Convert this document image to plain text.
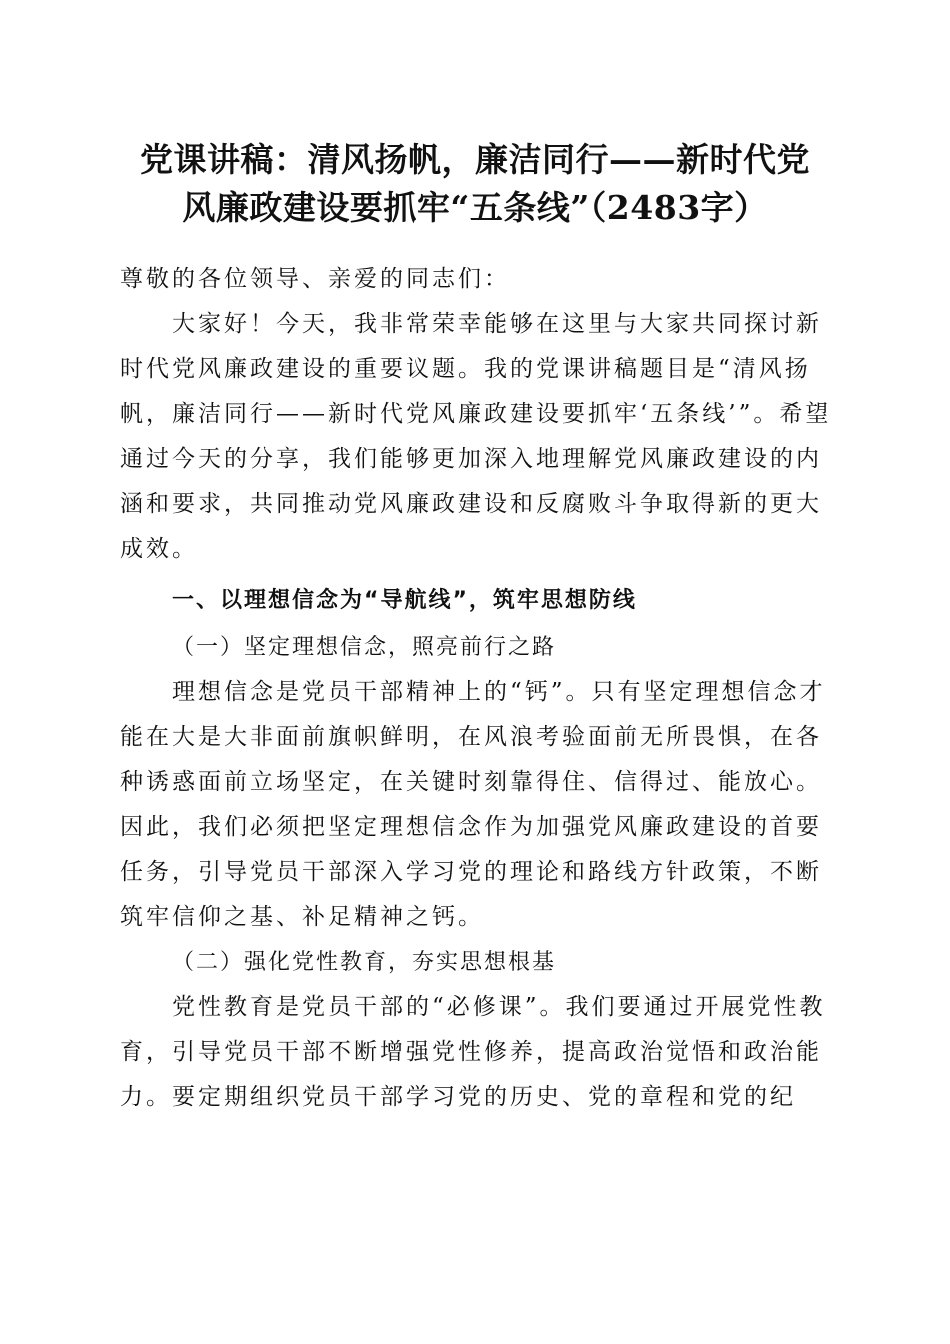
党课讲稿：清风扬帆，廉洁同行——新时代党
风廉政建设要抓牢“五条线”（2483字）

尊敬的各位领导、亲爱的同志们：

大家好！今天，我非常荣幸能够在这里与大家共同探讨新时代党风廉政建设的重要议题。我的党课讲稿题目是“清风扬帆，廉洁同行——新时代党风廉政建设要抓牢‘五条线’”。希望通过今天的分享，我们能够更加深入地理解党风廉政建设的内涵和要求，共同推动党风廉政建设和反腐败斗争取得新的更大成效。

一、以理想信念为“导航线”，筑牢思想防线

（一）坚定理想信念，照亮前行之路

理想信念是党员干部精神上的“钙”。只有坚定理想信念才能在大是大非面前旗帜鲜明，在风浪考验面前无所畏惧，在各种诱惑面前立场坚定，在关键时刻靠得住、信得过、能放心。因此，我们必须把坚定理想信念作为加强党风廉政建设的首要任务，引导党员干部深入学习党的理论和路线方针政策，不断筑牢信仰之基、补足精神之钙。

（二）强化党性教育，夯实思想根基

党性教育是党员干部的“必修课”。我们要通过开展党性教育，引导党员干部不断增强党性修养，提高政治觉悟和政治能力。要定期组织党员干部学习党的历史、党的章程和党的纪
